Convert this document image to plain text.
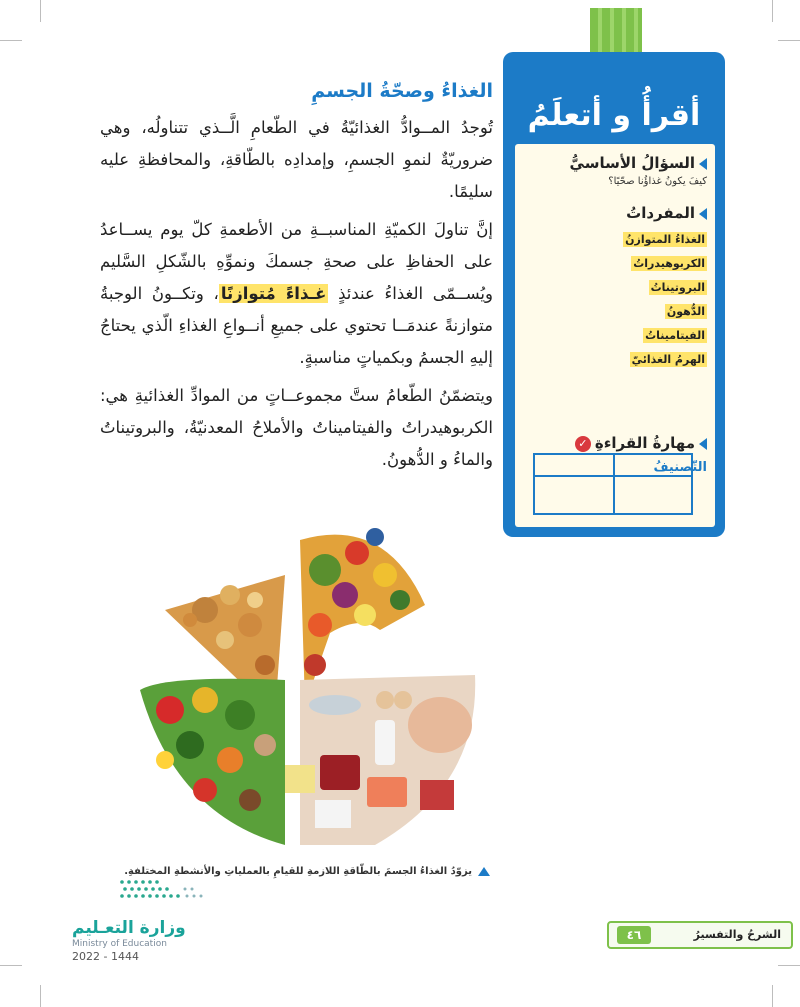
أقرأُ و أتعلَمُ
السؤالُ الأساسيُّ
كيفَ يكونُ غذاؤُنا صحّيًا؟
المفرداتُ
الغذاءُ المتوازنُ
الكربوهيدراتُ
البروتيناتُ
الدُّهونُ
الفيتاميناتُ
الهرمُ الغذائيّ
مهارةُ القراءةِ✓
التّصنيفُ
الغذاءُ وصحّةُ الجسمِ

تُوجدُ المــوادُّ الغذائيّةُ في الطّعامِ الَّــذي تتناولُه، وهي ضروريّةٌ لنموِ الجسمِ، وإمدادِه بالطّاقةِ، والمحافظةِ عليه سليمًا.

إنَّ تناولَ الكميّةِ المناسبــةِ من الأطعمةِ كلّ يوم يســاعدُ على الحفاظِ على صحةِ جسمكَ ونموِّهِ بالشّكلِ السَّليم ويُســمّى الغذاءُ عندئذٍ غـذاءً مُتوازنًا، وتكــونُ الوجبةُ متوازنةً عندمَــا تحتوي على جميعِ أنــواعِ الغذاءِ الّذي يحتاجُ إليهِ الجسمُ وبكمياتٍ مناسبةٍ.

ويتضمّنُ الطّعامُ ستَّ مجموعــاتٍ من الموادِّ الغذائيةِ هي: الكربوهيدراتُ والفيتاميناتُ والأملاحُ المعدنيّةُ، والبروتيناتُ والماءُ و الدُّهونُ.

يزوّدُ الغذاءُ الجسمَ بالطّاقةِ اللازمةِ للقيامِ بالعملياتِ والأنشطةِ المختلفةِ.
وزارة التعـليم
Ministry of Education
2022 - 1444
الشرحُ والتفسيرُ
٤٦
